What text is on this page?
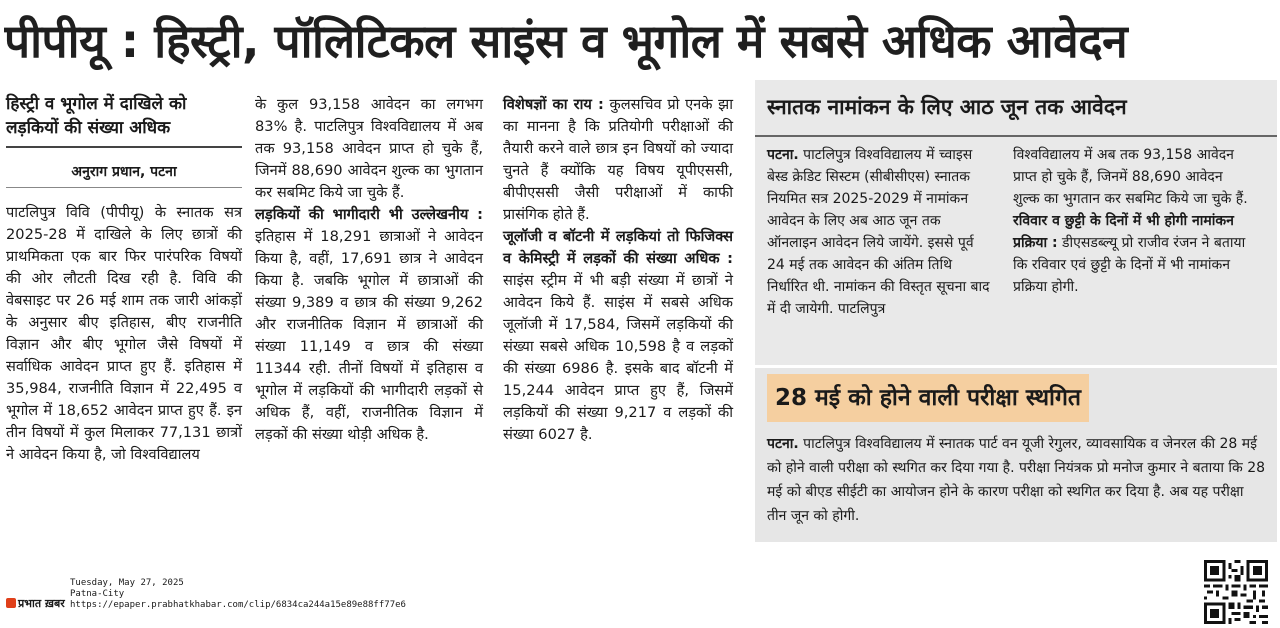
पीपीयू : हिस्ट्री, पॉलिटिकल साइंस व भूगोल में सबसे अधिक आवेदन
हिस्ट्री व भूगोल में दाखिले को लड़कियों की संख्या अधिक
अनुराग प्रधान, पटना

पाटलिपुत्र विवि (पीपीयू) के स्नातक सत्र 2025-28 में दाखिले के लिए छात्रों की प्राथमिकता एक बार फिर पारंपरिक विषयों की ओर लौटती दिख रही है. विवि की वेबसाइट पर 26 मई शाम तक जारी आंकड़ों के अनुसार बीए इतिहास, बीए राजनीति विज्ञान और बीए भूगोल जैसे विषयों में सर्वाधिक आवेदन प्राप्त हुए हैं. इतिहास में 35,984, राजनीति विज्ञान में 22,495 व भूगोल में 18,652 आवेदन प्राप्त हुए हैं. इन तीन विषयों में कुल मिलाकर 77,131 छात्रों ने आवेदन किया है, जो विश्वविद्यालय

के कुल 93,158 आवेदन का लगभग 83% है. पाटलिपुत्र विश्वविद्यालय में अब तक 93,158 आवेदन प्राप्त हो चुके हैं, जिनमें 88,690 आवेदन शुल्क का भुगतान कर सबमिट किये जा चुके हैं.

लड़कियों की भागीदारी भी उल्लेखनीय : इतिहास में 18,291 छात्राओं ने आवेदन किया है, वहीं, 17,691 छात्र ने आवेदन किया है. जबकि भूगोल में छात्राओं की संख्या 9,389 व छात्र की संख्या 9,262 और राजनीतिक विज्ञान में छात्राओं की संख्या 11,149 व छात्र की संख्या 11344 रही. तीनों विषयों में इतिहास व भूगोल में लड़कियों की भागीदारी लड़कों से अधिक हैं, वहीं, राजनीतिक विज्ञान में लड़कों की संख्या थोड़ी अधिक है.

विशेषज्ञों का राय : कुलसचिव प्रो एनके झा का मानना है कि प्रतियोगी परीक्षाओं की तैयारी करने वाले छात्र इन विषयों को ज्यादा चुनते हैं क्योंकि यह विषय यूपीएससी, बीपीएससी जैसी परीक्षाओं में काफी प्रासंगिक होते हैं.

जूलॉजी व बॉटनी में लड़कियां तो फिजिक्स व केमिस्ट्री में लड़कों की संख्या अधिक : साइंस स्ट्रीम में भी बड़ी संख्या में छात्रों ने आवेदन किये हैं. साइंस में सबसे अधिक जूलॉजी में 17,584, जिसमें लड़कियों की संख्या सबसे अधिक 10,598 है व लड़कों की संख्या 6986 है. इसके बाद बॉटनी में 15,244 आवेदन प्राप्त हुए हैं, जिसमें लड़कियों की संख्या 9,217 व लड़कों की संख्या 6027 है.

स्नातक नामांकन के लिए आठ जून तक आवेदन
पटना. पाटलिपुत्र विश्वविद्यालय में च्वाइस बेस्ड क्रेडिट सिस्टम (सीबीसीएस) स्नातक नियमित सत्र 2025-2029 में नामांकन आवेदन के लिए अब आठ जून तक ऑनलाइन आवेदन लिये जायेंगे. इससे पूर्व 24 मई तक आवेदन की अंतिम तिथि निर्धारित थी. नामांकन की विस्तृत सूचना बाद में दी जायेगी. पाटलिपुत्र
विश्वविद्यालय में अब तक 93,158 आवेदन प्राप्त हो चुके हैं, जिनमें 88,690 आवेदन शुल्क का भुगतान कर सबमिट किये जा चुके हैं.
रविवार व छुट्टी के दिनों में भी होगी नामांकन प्रक्रिया : डीएसडब्ल्यू प्रो राजीव रंजन ने बताया कि रविवार एवं छुट्टी के दिनों में भी नामांकन प्रक्रिया होगी.
28 मई को होने वाली परीक्षा स्थगित
पटना. पाटलिपुत्र विश्वविद्यालय में स्नातक पार्ट वन यूजी रेगुलर, व्यावसायिक व जेनरल की 28 मई को होने वाली परीक्षा को स्थगित कर दिया गया है. परीक्षा नियंत्रक प्रो मनोज कुमार ने बताया कि 28 मई को बीएड सीईटी का आयोजन होने के कारण परीक्षा को स्थगित कर दिया है. अब यह परीक्षा तीन जून को होगी.
प्रभात ख़बर
Tuesday, May 27, 2025
Patna-City
https://epaper.prabhatkhabar.com/clip/6834ca244a15e89e88ff77e6
